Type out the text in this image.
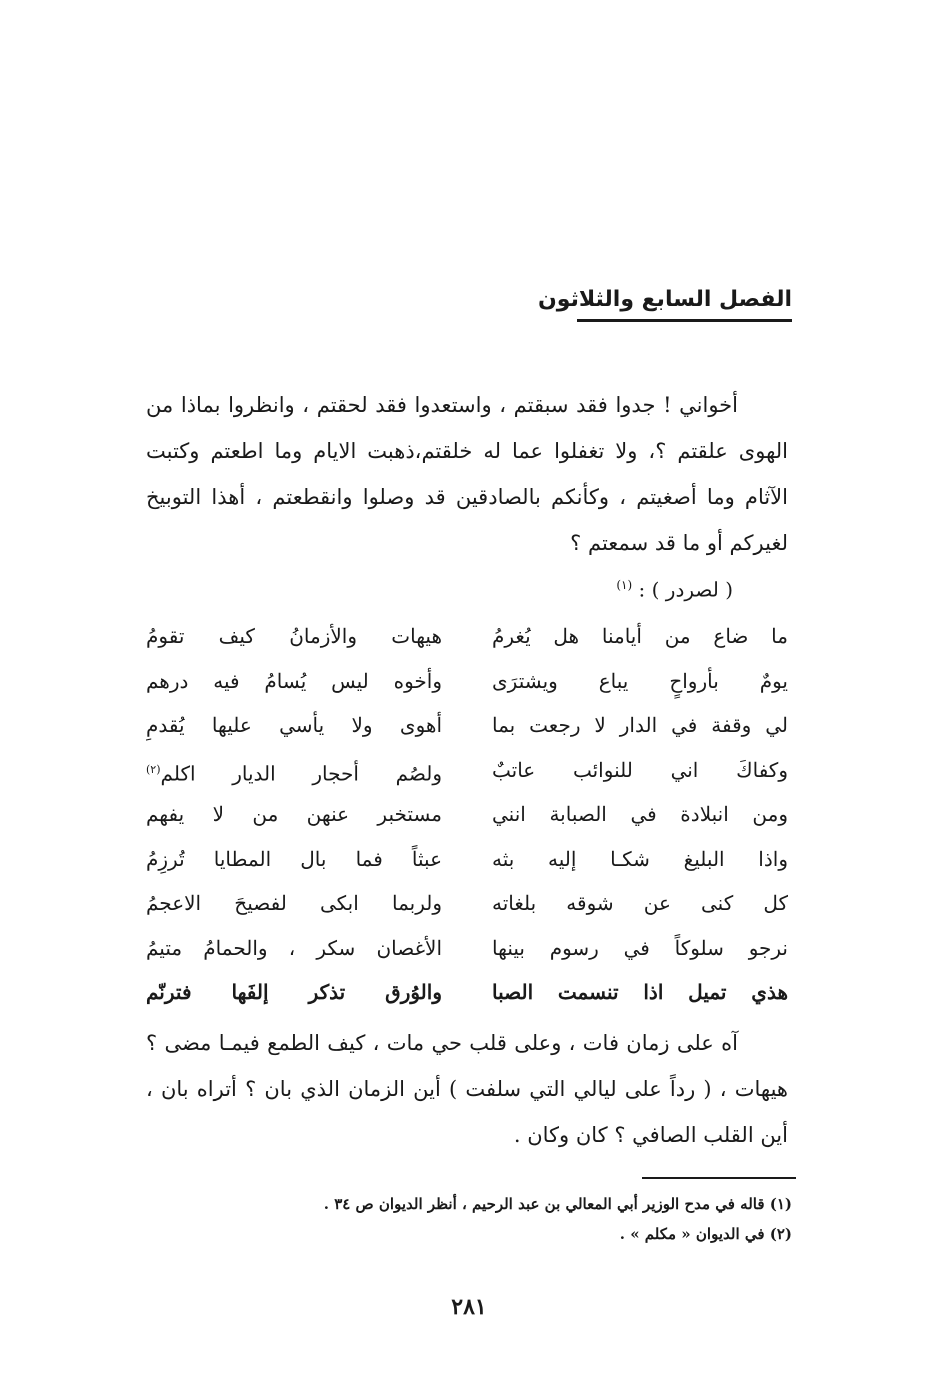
الفصل السابع والثلاثون

أخواني ! جدوا فقد سبقتم ، واستعدوا فقد لحقتم ، وانظروا بماذا من الهوى علقتم ؟، ولا تغفلوا عما له خلقتم،ذهبت الايام وما اطعتم وكتبت الآثام وما أصغيتم ، وكأنكم بالصادقين قد وصلوا وانقطعتم ، أهذا التوبيخ لغيركم أو ما قد سمعتم ؟

( لصردر ) : $^{(١)}$
ما ضاع من أيامنا هل يُغرمُ
هيهات والأزمانُ كيف تقومُ
يومٌ بأرواحٍ يباع ويشترَى
وأخوه ليس يُسامُ فيه درهم
لي وقفة في الدار لا رجعت بما
أهوى ولا يأسي عليها يُقدمِ
وكفاكَ اني للنوائب عاتبٌ
ولصُم أحجار الديار اكلم$^{(٢)}$
ومن انبلادة في الصبابة انني
مستخبر عنهن من لا يفهم
واذا البليغ شكـا إليه بثه
عبثاً فما بال المطايا تُرزِمُ
كل كنى عن شوقه بلغاته
ولربما ابكى لفصيحَ الاعجمُ
نرجو سلوكاً في رسوم بينها
الأغصان سكر ، والحمامُ متيمُ
هذي تميل اذا تنسمت الصبا
والوُرق تذكر إلفَها فترنّم

آه على زمان فات ، وعلى قلب حي مات ، كيف الطمع فيمـا مضى ؟ هيهات ، ( رداً على ليالي التي سلفت ) أين الزمان الذي بان ؟ أتراه بان ، أين القلب الصافي ؟ كان وكان .

(١) قاله في مدح الوزير أبي المعالي بن عبد الرحيم ، أنظر الديوان ص ٣٤ .
(٢) في الديوان « مكلم » .
٢٨١
